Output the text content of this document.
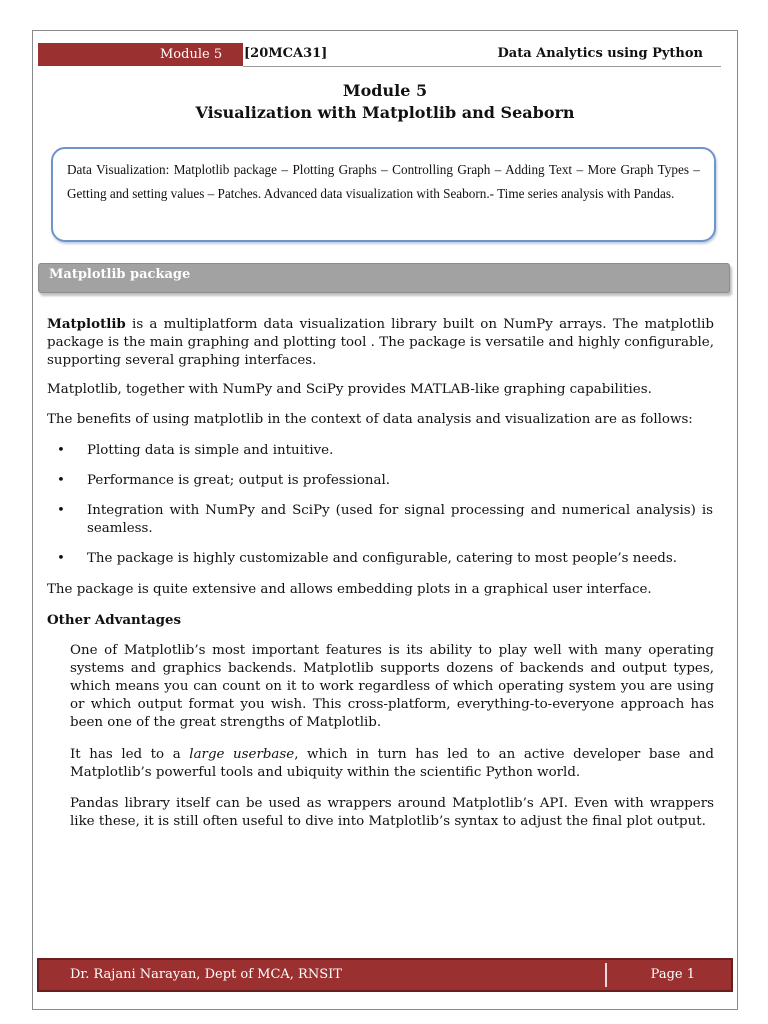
Module 5	[20MCA31]	Data Analytics using Python
Module 5
Visualization with Matplotlib and Seaborn
Data Visualization: Matplotlib package – Plotting Graphs – Controlling Graph – Adding Text – More Graph Types – Getting and setting values – Patches. Advanced data visualization with Seaborn.- Time series analysis with Pandas.
Matplotlib package
Matplotlib is a multiplatform data visualization library built on NumPy arrays. The matplotlib package is the main graphing and plotting tool . The package is versatile and highly configurable, supporting several graphing interfaces.
Matplotlib, together with NumPy and SciPy provides MATLAB-like graphing capabilities.
The benefits of using matplotlib in the context of data analysis and visualization are as follows:
• Plotting data is simple and intuitive.
• Performance is great; output is professional.
• Integration with NumPy and SciPy (used for signal processing and numerical analysis) is seamless.
• The package is highly customizable and configurable, catering to most people’s needs.
The package is quite extensive and allows embedding plots in a graphical user interface.
Other Advantages
One of Matplotlib’s most important features is its ability to play well with many operating systems and graphics backends. Matplotlib supports dozens of backends and output types, which means you can count on it to work regardless of which operating system you are using or which output format you wish. This cross-platform, everything-to-everyone approach has been one of the great strengths of Matplotlib.
It has led to a large userbase, which in turn has led to an active developer base and Matplotlib’s powerful tools and ubiquity within the scientific Python world.
Pandas library itself can be used as wrappers around Matplotlib’s API. Even with wrappers like these, it is still often useful to dive into Matplotlib’s syntax to adjust the final plot output.
Dr. Rajani Narayan, Dept of MCA, RNSIT	Page 1
